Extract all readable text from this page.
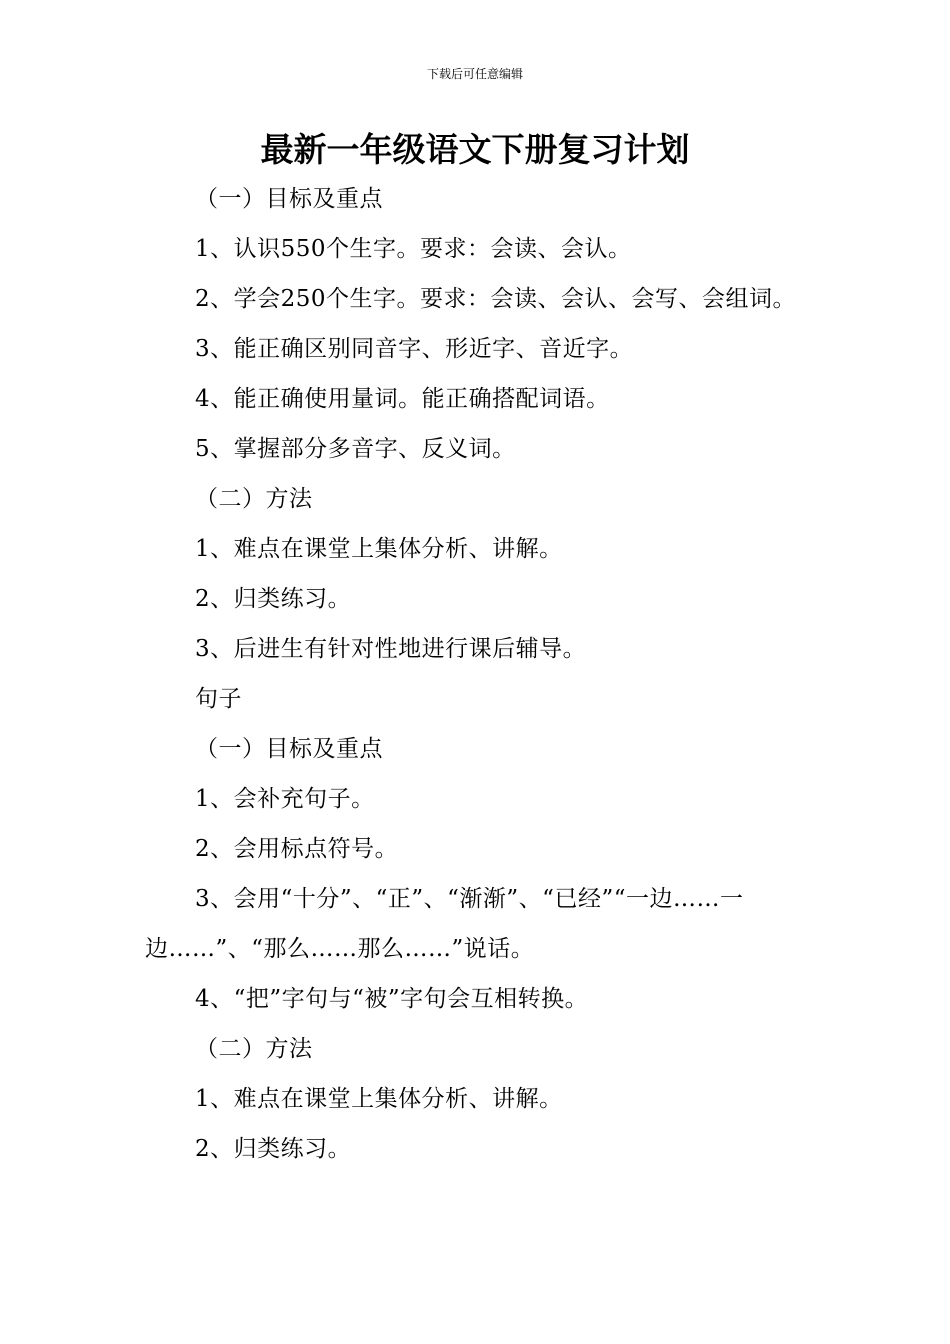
下载后可任意编辑
最新一年级语文下册复习计划

（一）目标及重点

1、认识550个生字。要求：会读、会认。

2、学会250个生字。要求：会读、会认、会写、会组词。

3、能正确区别同音字、形近字、音近字。

4、能正确使用量词。能正确搭配词语。

5、掌握部分多音字、反义词。

（二）方法

1、难点在课堂上集体分析、讲解。

2、归类练习。

3、后进生有针对性地进行课后辅导。

句子

（一）目标及重点

1、会补充句子。

2、会用标点符号。

3、会用“十分”、“正”、“渐渐”、“已经”“一边……一边……”、“那么……那么……”说话。

4、“把”字句与“被”字句会互相转换。

（二）方法

1、难点在课堂上集体分析、讲解。

2、归类练习。
